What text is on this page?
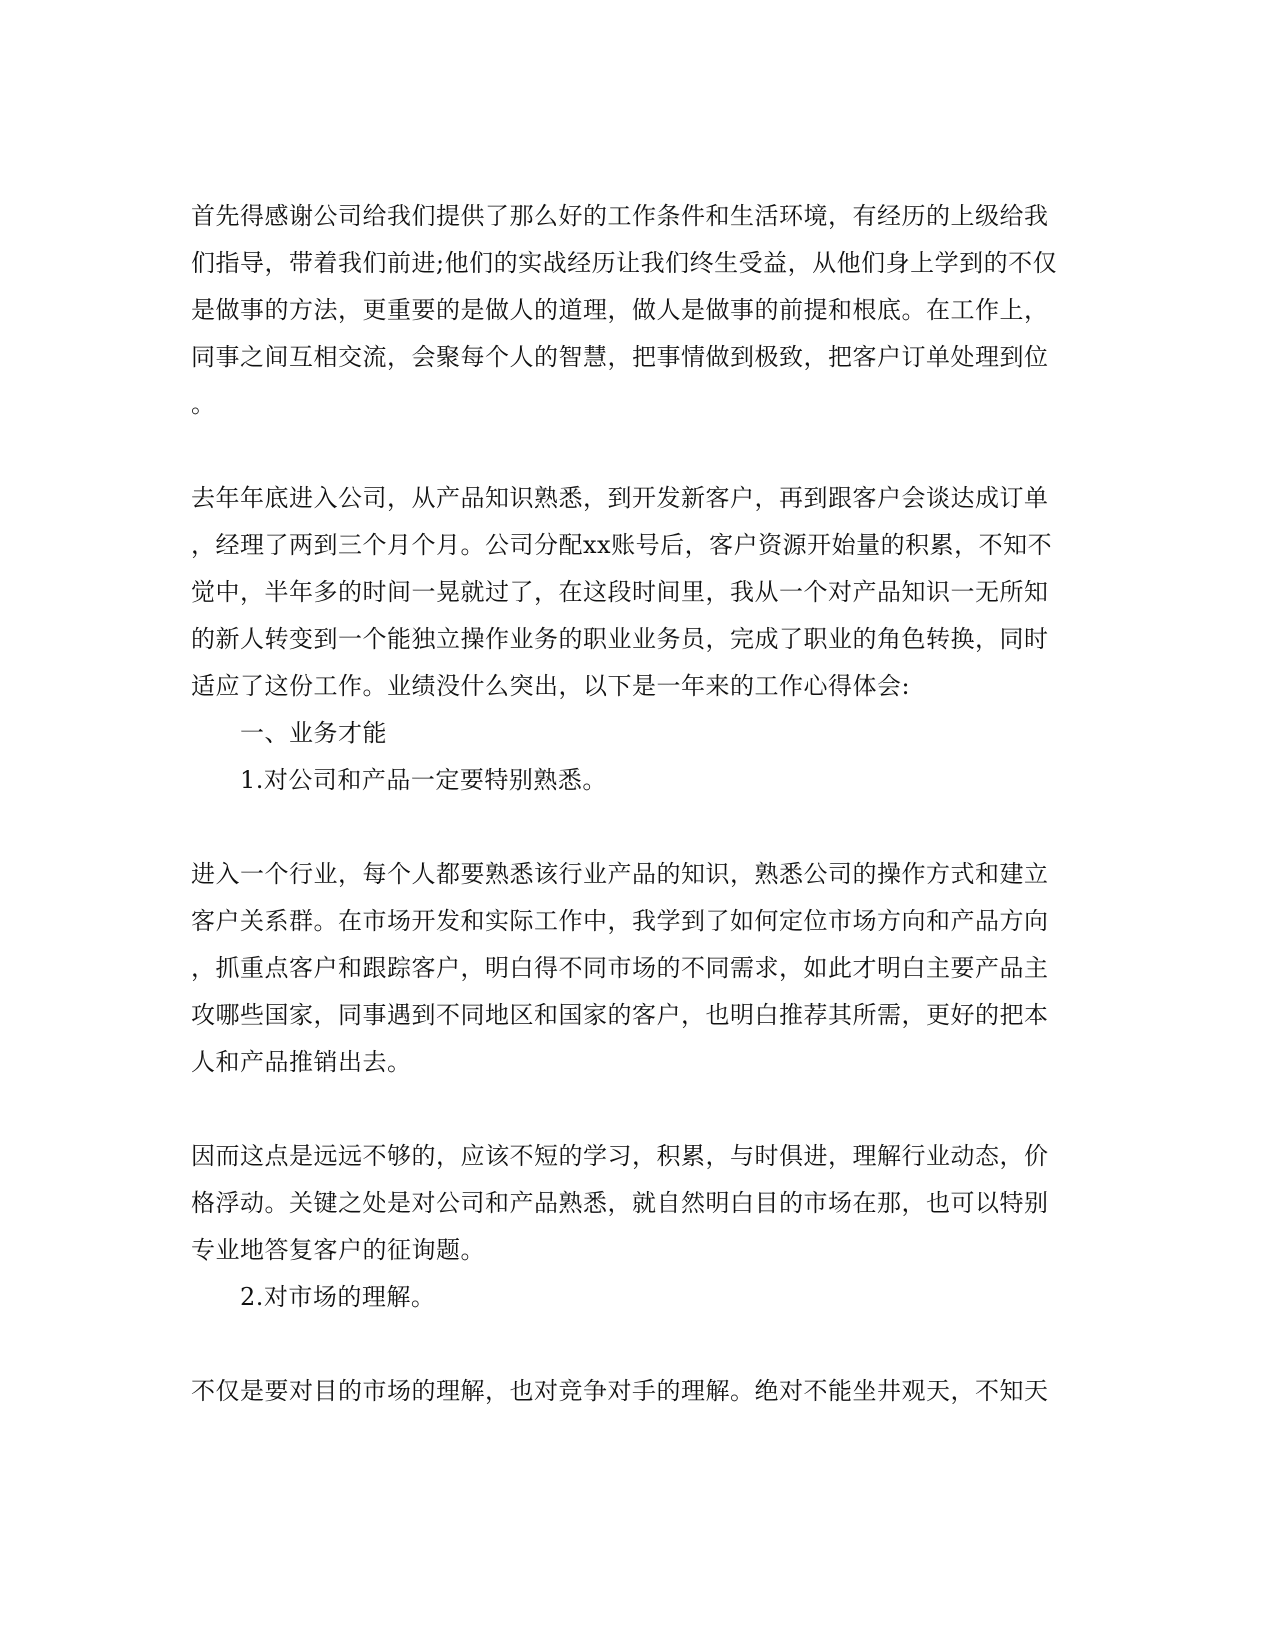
首先得感谢公司给我们提供了那么好的工作条件和生活环境，有经历的上级给我
们指导，带着我们前进;他们的实战经历让我们终生受益，从他们身上学到的不仅
是做事的方法，更重要的是做人的道理，做人是做事的前提和根底。在工作上，
同事之间互相交流，会聚每个人的智慧，把事情做到极致，把客户订单处理到位
。
去年年底进入公司，从产品知识熟悉，到开发新客户，再到跟客户会谈达成订单
，经理了两到三个月个月。公司分配xx账号后，客户资源开始量的积累，不知不
觉中，半年多的时间一晃就过了，在这段时间里，我从一个对产品知识一无所知
的新人转变到一个能独立操作业务的职业业务员，完成了职业的角色转换，同时
适应了这份工作。业绩没什么突出，以下是一年来的工作心得体会:
一、业务才能
1.对公司和产品一定要特别熟悉。
进入一个行业，每个人都要熟悉该行业产品的知识，熟悉公司的操作方式和建立
客户关系群。在市场开发和实际工作中，我学到了如何定位市场方向和产品方向
，抓重点客户和跟踪客户，明白得不同市场的不同需求，如此才明白主要产品主
攻哪些国家，同事遇到不同地区和国家的客户，也明白推荐其所需，更好的把本
人和产品推销出去。
因而这点是远远不够的，应该不短的学习，积累，与时俱进，理解行业动态，价
格浮动。关键之处是对公司和产品熟悉，就自然明白目的市场在那，也可以特别
专业地答复客户的征询题。
2.对市场的理解。
不仅是要对目的市场的理解，也对竞争对手的理解。绝对不能坐井观天，不知天
